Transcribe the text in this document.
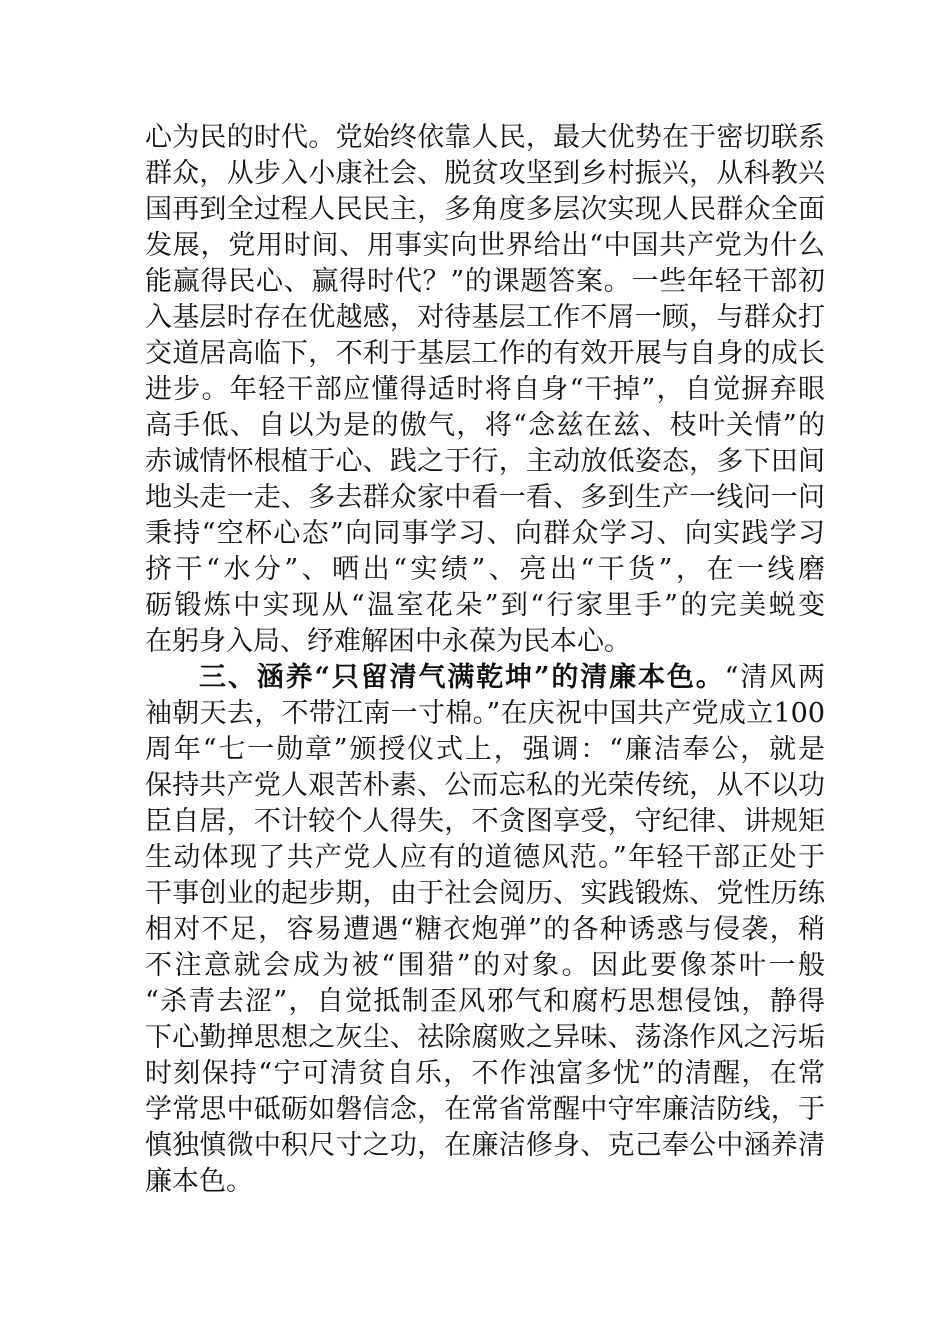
心为民的时代。党始终依靠人民，最大优势在于密切联系
群众，从步入小康社会、脱贫攻坚到乡村振兴，从科教兴
国再到全过程人民民主，多角度多层次实现人民群众全面
发展，党用时间、用事实向世界给出“中国共产党为什么
能赢得民心、赢得时代？”的课题答案。一些年轻干部初
入基层时存在优越感，对待基层工作不屑一顾，与群众打
交道居高临下，不利于基层工作的有效开展与自身的成长
进步。年轻干部应懂得适时将自身“干掉”，自觉摒弃眼
高手低、自以为是的傲气，将“念兹在兹、枝叶关情”的
赤诚情怀根植于心、践之于行，主动放低姿态，多下田间
地头走一走、多去群众家中看一看、多到生产一线问一问
秉持“空杯心态”向同事学习、向群众学习、向实践学习
挤干“水分”、晒出“实绩”、亮出“干货”，在一线磨
砺锻炼中实现从“温室花朵”到“行家里手”的完美蜕变
在躬身入局、纾难解困中永葆为民本心。
三、涵养“只留清气满乾坤”的清廉本色。“清风两
袖朝天去，不带江南一寸棉。”在庆祝中国共产党成立100
周年“七一勋章”颁授仪式上，强调：“廉洁奉公，就是
保持共产党人艰苦朴素、公而忘私的光荣传统，从不以功
臣自居，不计较个人得失，不贪图享受，守纪律、讲规矩
生动体现了共产党人应有的道德风范。”年轻干部正处于
干事创业的起步期，由于社会阅历、实践锻炼、党性历练
相对不足，容易遭遇“糖衣炮弹”的各种诱惑与侵袭，稍
不注意就会成为被“围猎”的对象。因此要像茶叶一般
“杀青去涩”，自觉抵制歪风邪气和腐朽思想侵蚀，静得
下心勤掸思想之灰尘、祛除腐败之异味、荡涤作风之污垢
时刻保持“宁可清贫自乐，不作浊富多忧”的清醒，在常
学常思中砥砺如磐信念，在常省常醒中守牢廉洁防线，于
慎独慎微中积尺寸之功，在廉洁修身、克己奉公中涵养清
廉本色。
